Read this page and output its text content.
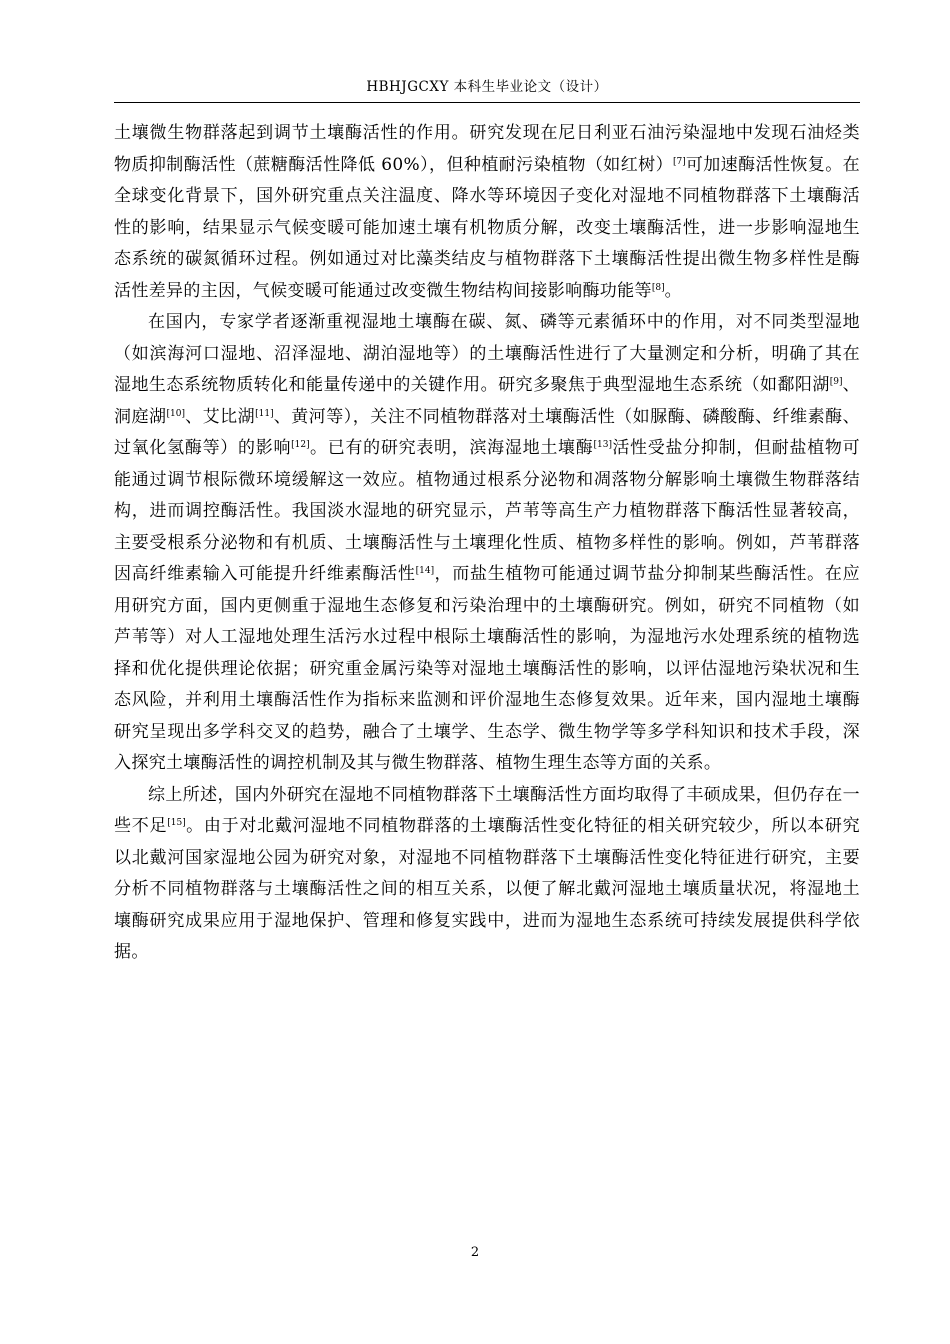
HBHJGCXY 本科生毕业论文（设计）

土壤微生物群落起到调节土壤酶活性的作用。研究发现在尼日利亚石油污染湿地中发现石油烃类物质抑制酶活性（蔗糖酶活性降低 60%），但种植耐污染植物（如红树）[7]可加速酶活性恢复。在全球变化背景下，国外研究重点关注温度、降水等环境因子变化对湿地不同植物群落下土壤酶活性的影响，结果显示气候变暖可能加速土壤有机物质分解，改变土壤酶活性，进一步影响湿地生态系统的碳氮循环过程。例如通过对比藻类结皮与植物群落下土壤酶活性提出微生物多样性是酶活性差异的主因，气候变暖可能通过改变微生物结构间接影响酶功能等[8]。

在国内，专家学者逐渐重视湿地土壤酶在碳、氮、磷等元素循环中的作用，对不同类型湿地（如滨海河口湿地、沼泽湿地、湖泊湿地等）的土壤酶活性进行了大量测定和分析，明确了其在湿地生态系统物质转化和能量传递中的关键作用。研究多聚焦于典型湿地生态系统（如鄱阳湖[9]、洞庭湖[10]、艾比湖[11]、黄河等），关注不同植物群落对土壤酶活性（如脲酶、磷酸酶、纤维素酶、过氧化氢酶等）的影响[12]。已有的研究表明，滨海湿地土壤酶[13]活性受盐分抑制，但耐盐植物可能通过调节根际微环境缓解这一效应。植物通过根系分泌物和凋落物分解影响土壤微生物群落结构，进而调控酶活性。我国淡水湿地的研究显示，芦苇等高生产力植物群落下酶活性显著较高，主要受根系分泌物和有机质、土壤酶活性与土壤理化性质、植物多样性的影响。例如，芦苇群落因高纤维素输入可能提升纤维素酶活性[14]，而盐生植物可能通过调节盐分抑制某些酶活性。在应用研究方面，国内更侧重于湿地生态修复和污染治理中的土壤酶研究。例如，研究不同植物（如芦苇等）对人工湿地处理生活污水过程中根际土壤酶活性的影响，为湿地污水处理系统的植物选择和优化提供理论依据；研究重金属污染等对湿地土壤酶活性的影响，以评估湿地污染状况和生态风险，并利用土壤酶活性作为指标来监测和评价湿地生态修复效果。近年来，国内湿地土壤酶研究呈现出多学科交叉的趋势，融合了土壤学、生态学、微生物学等多学科知识和技术手段，深入探究土壤酶活性的调控机制及其与微生物群落、植物生理生态等方面的关系。

综上所述，国内外研究在湿地不同植物群落下土壤酶活性方面均取得了丰硕成果，但仍存在一些不足[15]。由于对北戴河湿地不同植物群落的土壤酶活性变化特征的相关研究较少，所以本研究以北戴河国家湿地公园为研究对象，对湿地不同植物群落下土壤酶活性变化特征进行研究，主要分析不同植物群落与土壤酶活性之间的相互关系，以便了解北戴河湿地土壤质量状况，将湿地土壤酶研究成果应用于湿地保护、管理和修复实践中，进而为湿地生态系统可持续发展提供科学依据。

2
